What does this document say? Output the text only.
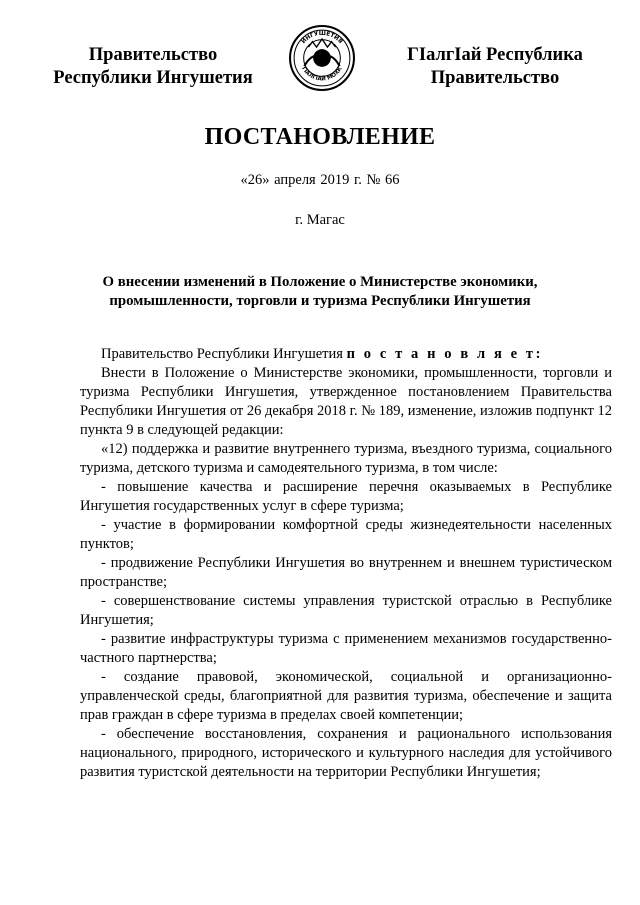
Правительство
Республики Ингушетия
ИНГУШЕТИЯ
ГIАЛГIАЙ МОХК
ГIалгIай Республика
Правительство
ПОСТАНОВЛЕНИЕ
«26» апреля 2019 г. № 66
г. Магас
О внесении изменений в Положение о Министерстве экономики,
промышленности, торговли и туризма Республики Ингушетия

Правительство Республики Ингушетия п о с т а н о в л я е т:

Внести в Положение о Министерстве экономики, промышленности, торговли и туризма Республики Ингушетия, утвержденное постановлением Правительства Республики Ингушетия от 26 декабря 2018 г. № 189, изменение, изложив подпункт 12 пункта 9 в следующей редакции:

«12) поддержка и развитие внутреннего туризма, въездного туризма, социального туризма, детского туризма и самодеятельного туризма, в том числе:

- повышение качества и расширение перечня оказываемых в Республике Ингушетия государственных услуг в сфере туризма;

- участие в формировании комфортной среды жизнедеятельности населенных пунктов;

- продвижение Республики Ингушетия во внутреннем и внешнем туристическом пространстве;

- совершенствование системы управления туристской отраслью в Республике Ингушетия;

- развитие инфраструктуры туризма с применением механизмов государственно-частного партнерства;

- создание правовой, экономической, социальной и организационно-управленческой среды, благоприятной для развития туризма, обеспечение и защита прав граждан в сфере туризма в пределах своей компетенции;

- обеспечение восстановления, сохранения и рационального использования национального, природного, исторического и культурного наследия для устойчивого развития туристской деятельности на территории Республики Ингушетия;
